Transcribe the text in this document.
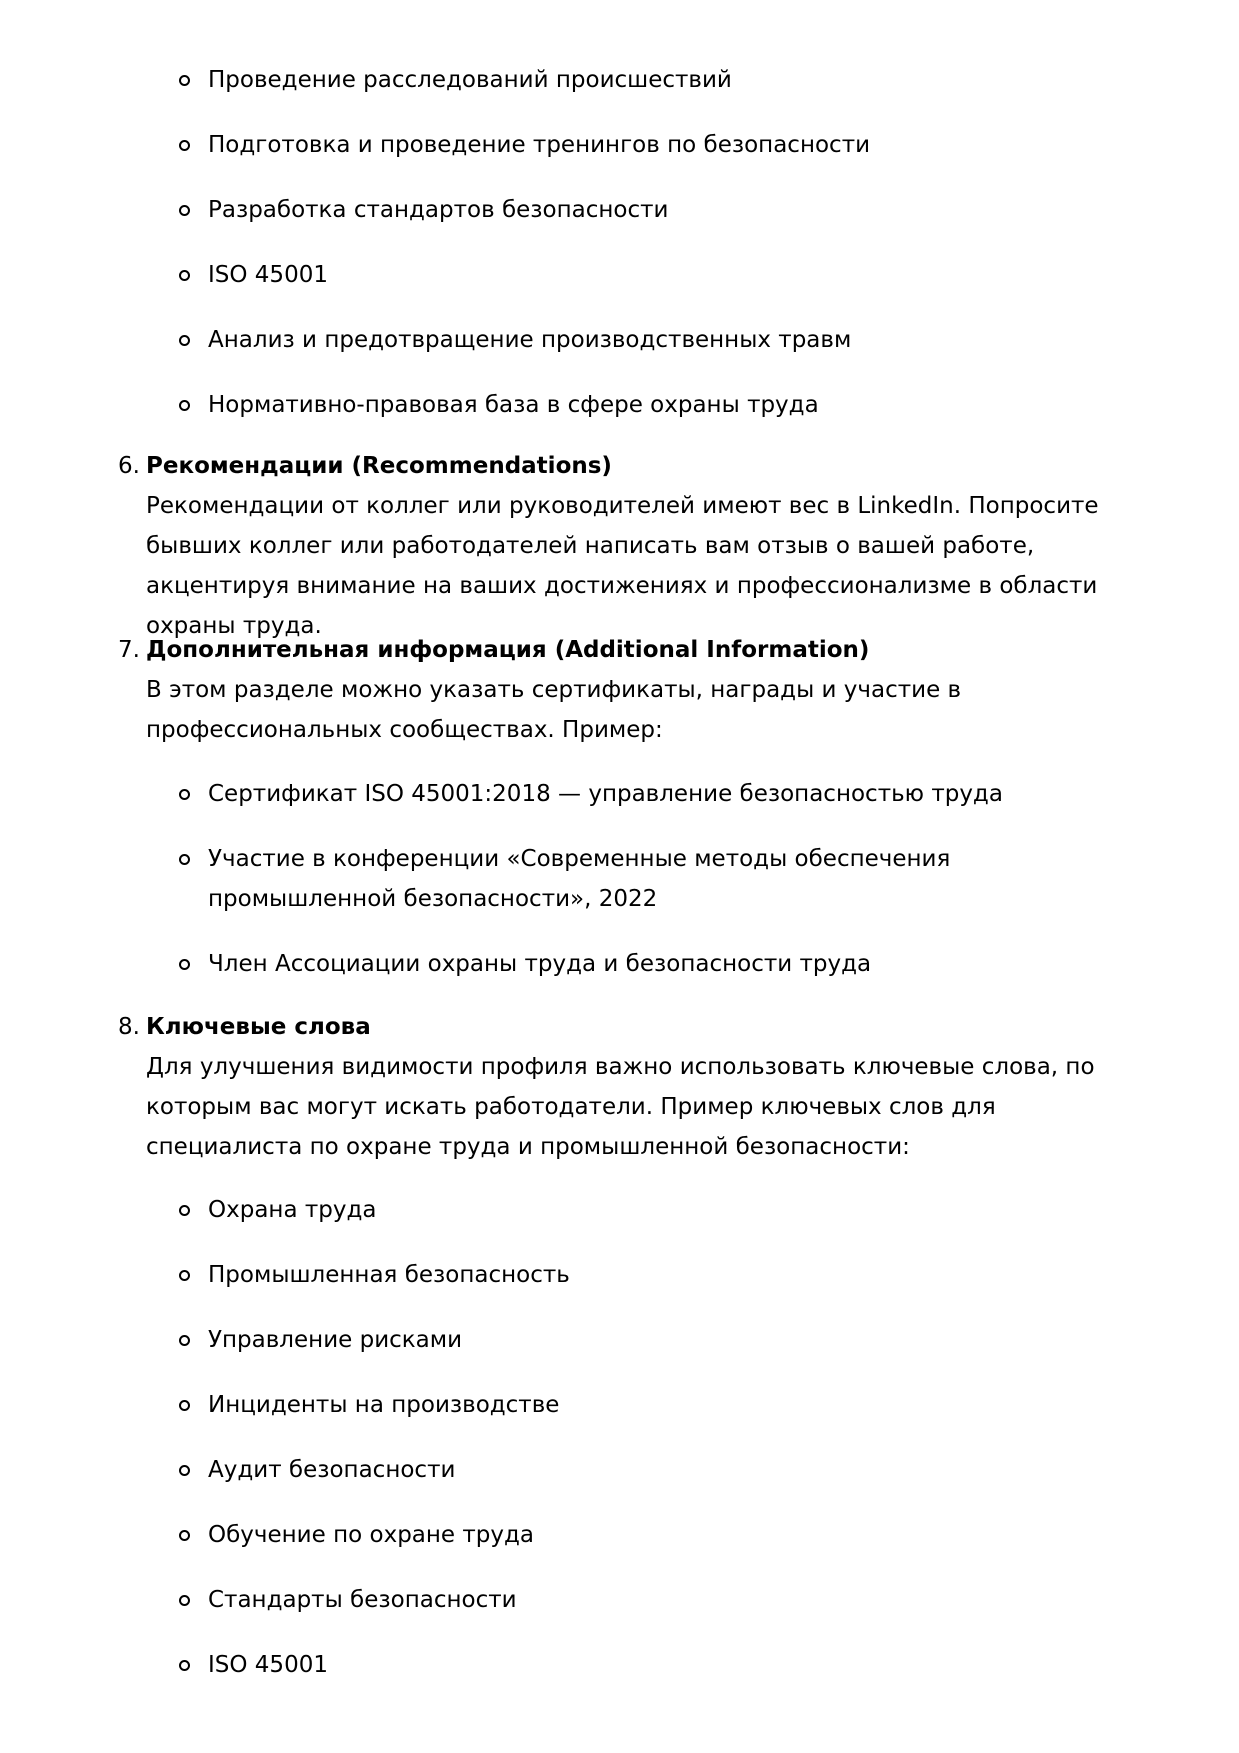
Проведение расследований происшествий
Подготовка и проведение тренингов по безопасности
Разработка стандартов безопасности
ISO 45001
Анализ и предотвращение производственных травм
Нормативно-правовая база в сфере охраны труда
6. Рекомендации (Recommendations)
Рекомендации от коллег или руководителей имеют вес в LinkedIn. Попросите бывших коллег или работодателей написать вам отзыв о вашей работе, акцентируя внимание на ваших достижениях и профессионализме в области охраны труда.
7. Дополнительная информация (Additional Information)
В этом разделе можно указать сертификаты, награды и участие в профессиональных сообществах. Пример:
Сертификат ISO 45001:2018 — управление безопасностью труда
Участие в конференции «Современные методы обеспечения промышленной безопасности», 2022
Член Ассоциации охраны труда и безопасности труда
8. Ключевые слова
Для улучшения видимости профиля важно использовать ключевые слова, по которым вас могут искать работодатели. Пример ключевых слов для специалиста по охране труда и промышленной безопасности:
Охрана труда
Промышленная безопасность
Управление рисками
Инциденты на производстве
Аудит безопасности
Обучение по охране труда
Стандарты безопасности
ISO 45001
